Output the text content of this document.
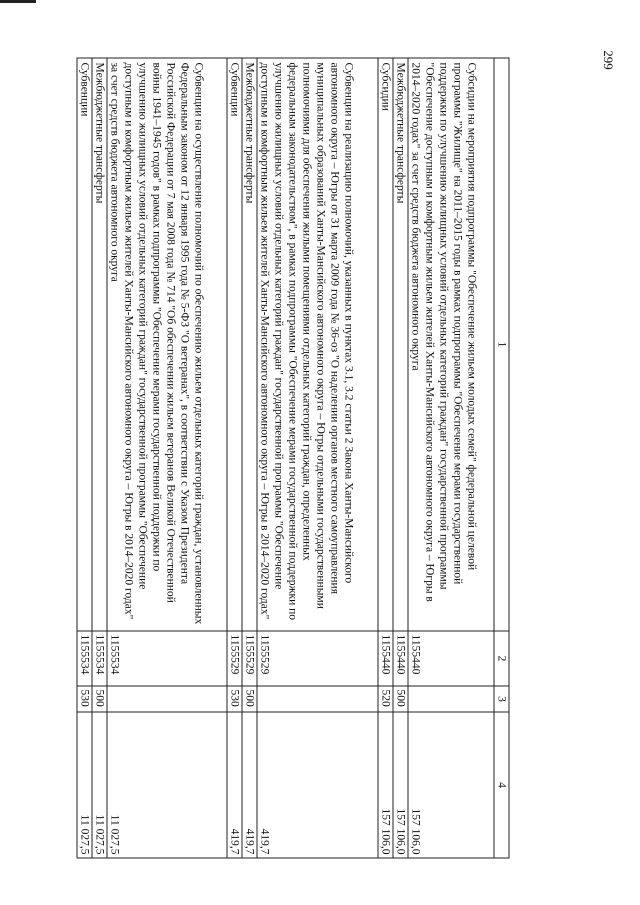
299
1	2	3	4
Субсидии на мероприятия подпрограммы "Обеспечение жильем молодых семей" федеральной целевой программы "Жилище" на 2011–2015 годы в рамках подпрограммы "Обеспечение мерами государственной поддержки по улучшению жилищных условий отдельных категорий граждан" государственной программы "Обеспечение доступным и комфортным жильем жителей Ханты-Мансийского автономного округа – Югры в 2014–2020 годах" за счет средств бюджета автономного округа	1155440		157 106,0
Межбюджетные трансферты	1155440	500	157 106,0
Субсидии	1155440	520	157 106,0
Субвенции на реализацию полномочий, указанных в пунктах 3.1, 3.2 статьи 2 Закона Ханты-Мансийского автономного округа – Югры от 31 марта 2009 года № 36-оз "О наделении органов местного самоуправления муниципальных образований Ханты-Мансийского автономного округа – Югры отдельными государственными полномочиями для обеспечения жилыми помещениями отдельных категорий граждан, определенных федеральным законодательством", в рамках подпрограммы "Обеспечение мерами государственной поддержки по улучшению жилищных условий отдельных категорий граждан" государственной программы "Обеспечение доступным и комфортным жильем жителей Ханты-Мансийского автономного округа – Югры в 2014–2020 годах"	1155529		419,7
Межбюджетные трансферты	1155529	500	419,7
Субвенции	1155529	530	419,7
Субвенции на осуществление полномочий по обеспечению жильем отдельных категорий граждан, установленных Федеральным законом от 12 января 1995 года № 5-ФЗ "О ветеранах", в соответствии с Указом Президента Российской Федерации от 7 мая 2008 года № 714 "Об обеспечении жильем ветеранов Великой Отечественной войны 1941–1945 годов" в рамках подпрограммы "Обеспечение мерами государственной поддержки по улучшению жилищных условий отдельных категорий граждан" государственной программы "Обеспечение доступным и комфортным жильем жителей Ханты-Мансийского автономного округа – Югры в 2014–2020 годах" за счет средств бюджета автономного округа	1155534		11 027,5
Межбюджетные трансферты	1155534	500	11 027,5
Субвенции	1155534	530	11 027,5
